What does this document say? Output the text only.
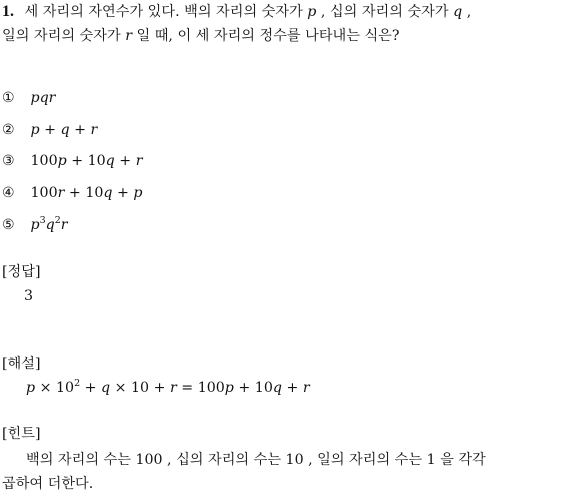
1. 세 자리의 자연수가 있다. 백의 자리의 숫자가 p , 십의 자리의 숫자가 q ,
일의 자리의 숫자가 r 일 때, 이 세 자리의 정수를 나타내는 식은?
① pqr
② p + q + r
③ 100p + 10q + r
④ 100r + 10q + p
⑤ $p^3q^2r$
[정답]
3
[해설]
$p \times 10^2 + q \times 10 + r = 100p + 10q + r$
[힌트]
백의 자리의 수는 100 , 십의 자리의 수는 10 , 일의 자리의 수는 1 을 각각
곱하여 더한다.
